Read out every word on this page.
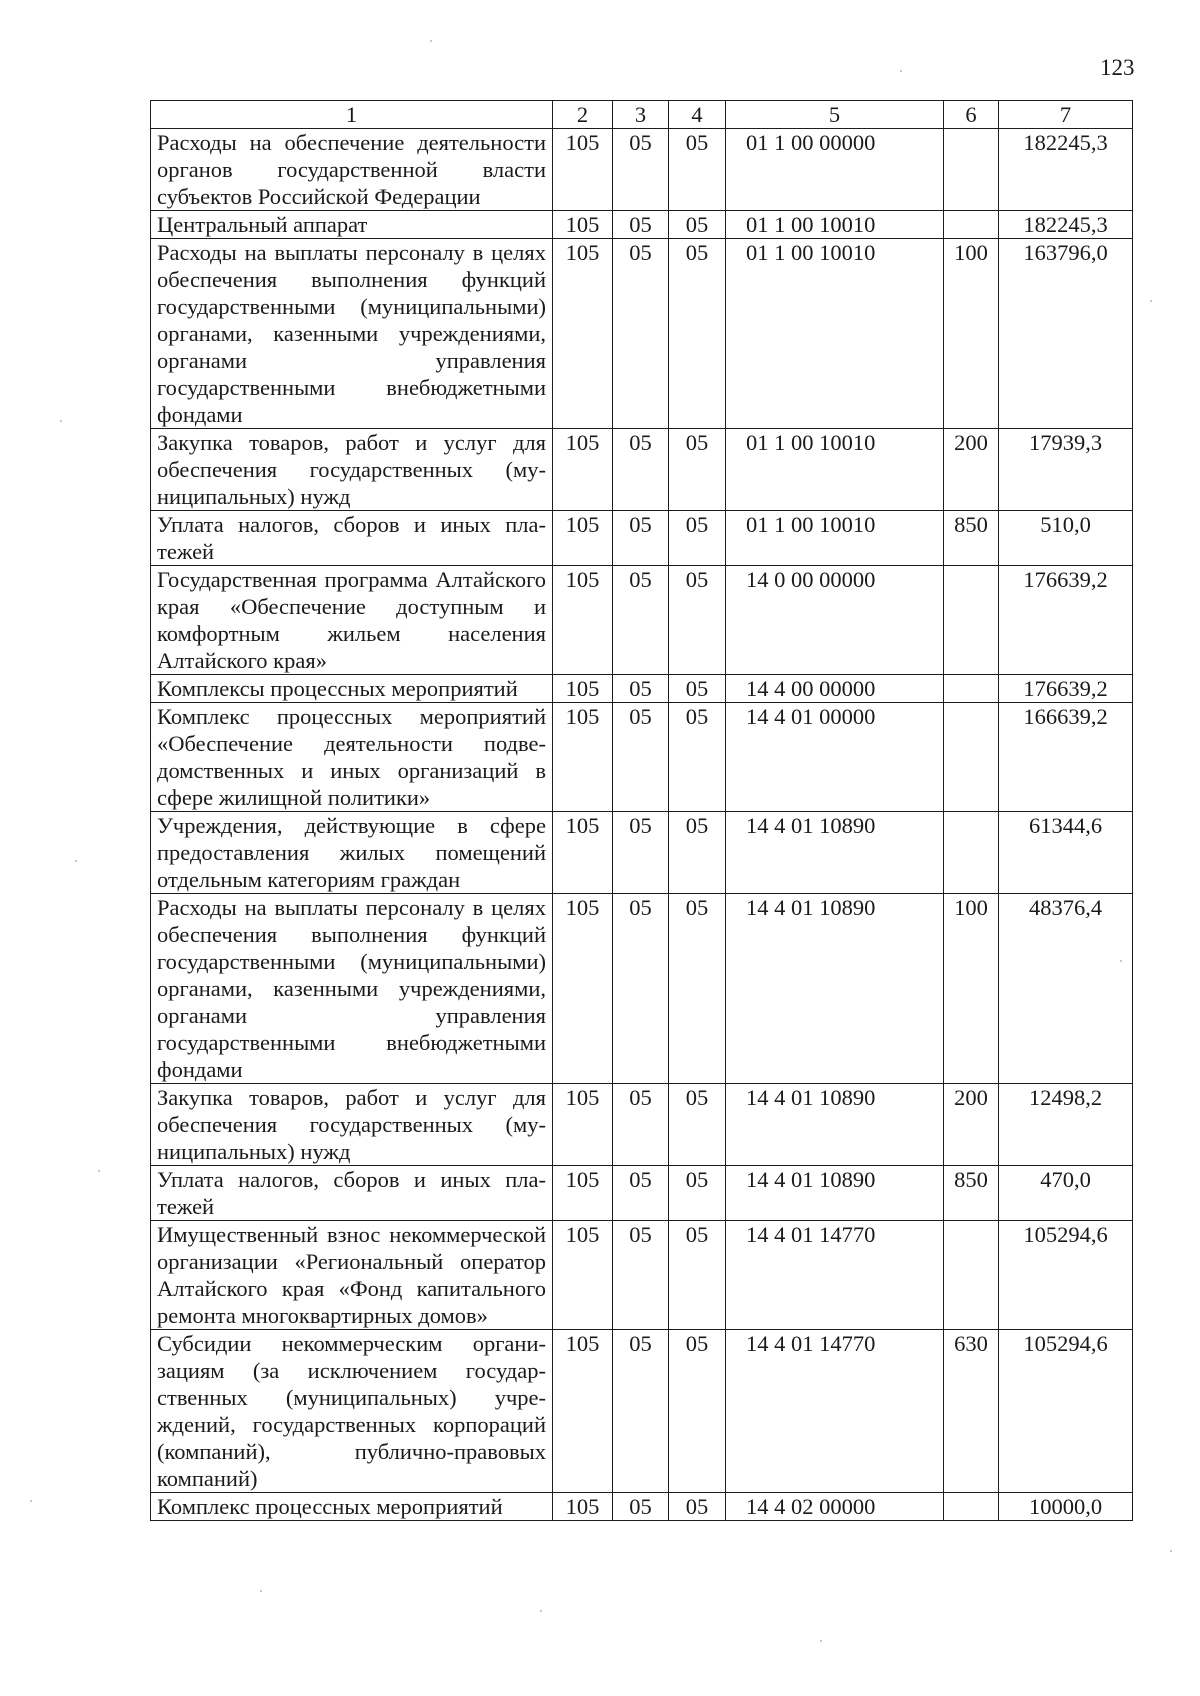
123
1	2	3	4	5	6	7
Расходы на обеспечение деятельности органов государственной власти субъектов Российской Федерации	105	05	05	01 1 00 00000		182245,3
Центральный аппарат	105	05	05	01 1 00 10010		182245,3
Расходы на выплаты персоналу в целях обеспечения выполнения функций государственными (муниципальными) органами, казенными учреждениями, органами управления государственными внебюджетными фондами	105	05	05	01 1 00 10010	100	163796,0
Закупка товаров, работ и услуг для обеспечения государственных (муниципальных) нужд	105	05	05	01 1 00 10010	200	17939,3
Уплата налогов, сборов и иных платежей	105	05	05	01 1 00 10010	850	510,0
Государственная программа Алтайского края «Обеспечение доступным и комфортным жильем населения Алтайского края»	105	05	05	14 0 00 00000		176639,2
Комплексы процессных мероприятий	105	05	05	14 4 00 00000		176639,2
Комплекс процессных мероприятий «Обеспечение деятельности подведомственных и иных организаций в сфере жилищной политики»	105	05	05	14 4 01 00000		166639,2
Учреждения, действующие в сфере предоставления жилых помещений отдельным категориям граждан	105	05	05	14 4 01 10890		61344,6
Расходы на выплаты персоналу в целях обеспечения выполнения функций государственными (муниципальными) органами, казенными учреждениями, органами управления государственными внебюджетными фондами	105	05	05	14 4 01 10890	100	48376,4
Закупка товаров, работ и услуг для обеспечения государственных (муниципальных) нужд	105	05	05	14 4 01 10890	200	12498,2
Уплата налогов, сборов и иных платежей	105	05	05	14 4 01 10890	850	470,0
Имущественный взнос некоммерческой организации «Региональный оператор Алтайского края «Фонд капитального ремонта многоквартирных домов»	105	05	05	14 4 01 14770		105294,6
Субсидии некоммерческим организациям (за исключением государственных (муниципальных) учреждений, государственных корпораций (компаний), публично-правовых компаний)	105	05	05	14 4 01 14770	630	105294,6
Комплекс процессных мероприятий	105	05	05	14 4 02 00000		10000,0
